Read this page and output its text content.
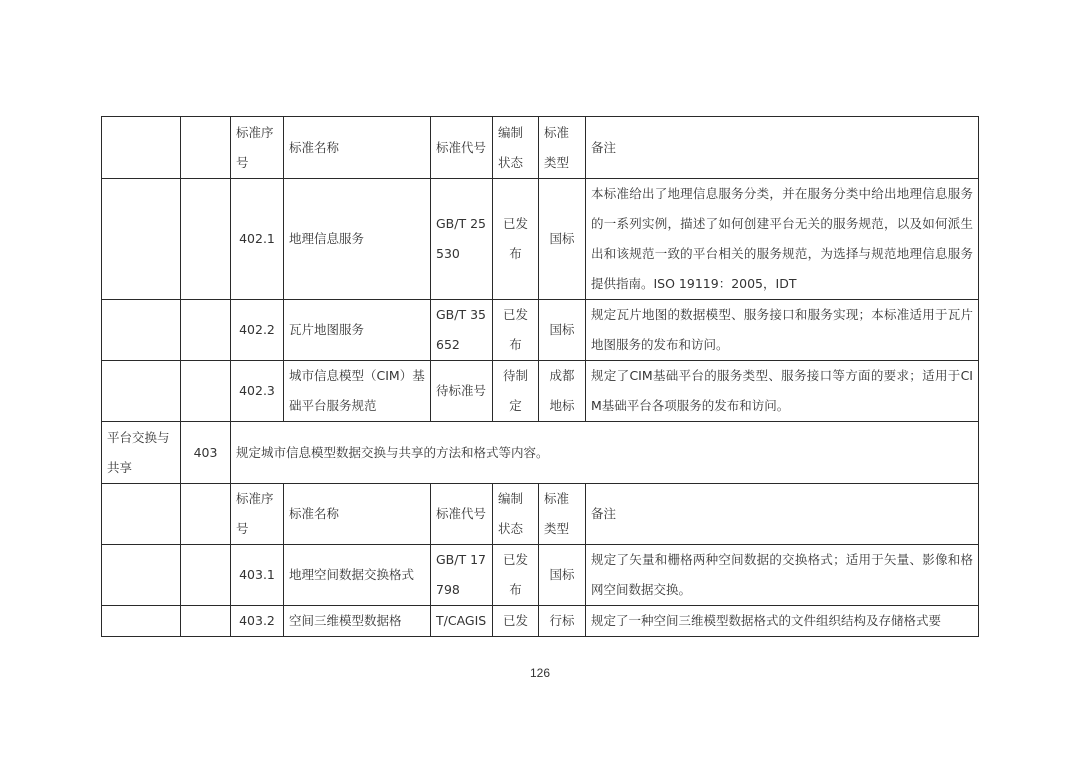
		标准序号	标准名称	标准代号	编制状态	标准类型	备注
		402.1	地理信息服务	GB/T 25530	已发布	国标	本标准给出了地理信息服务分类，并在服务分类中给出地理信息服务的一系列实例，描述了如何创建平台无关的服务规范，以及如何派生出和该规范一致的平台相关的服务规范，为选择与规范地理信息服务提供指南。ISO 19119：2005，IDT
		402.2	瓦片地图服务	GB/T 35652	已发布	国标	规定瓦片地图的数据模型、服务接口和服务实现；本标准适用于瓦片地图服务的发布和访问。
		402.3	城市信息模型（CIM）基础平台服务规范	待标准号	待制定	成都地标	规定了CIM基础平台的服务类型、服务接口等方面的要求；适用于CIM基础平台各项服务的发布和访问。
平台交换与共享	403	规定城市信息模型数据交换与共享的方法和格式等内容。					
		标准序号	标准名称	标准代号	编制状态	标准类型	备注
		403.1	地理空间数据交换格式	GB/T 17798	已发布	国标	规定了矢量和栅格两种空间数据的交换格式；适用于矢量、影像和格网空间数据交换。
		403.2	空间三维模型数据格	T/CAGIS	已发	行标	规定了一种空间三维模型数据格式的文件组织结构及存储格式要
126
